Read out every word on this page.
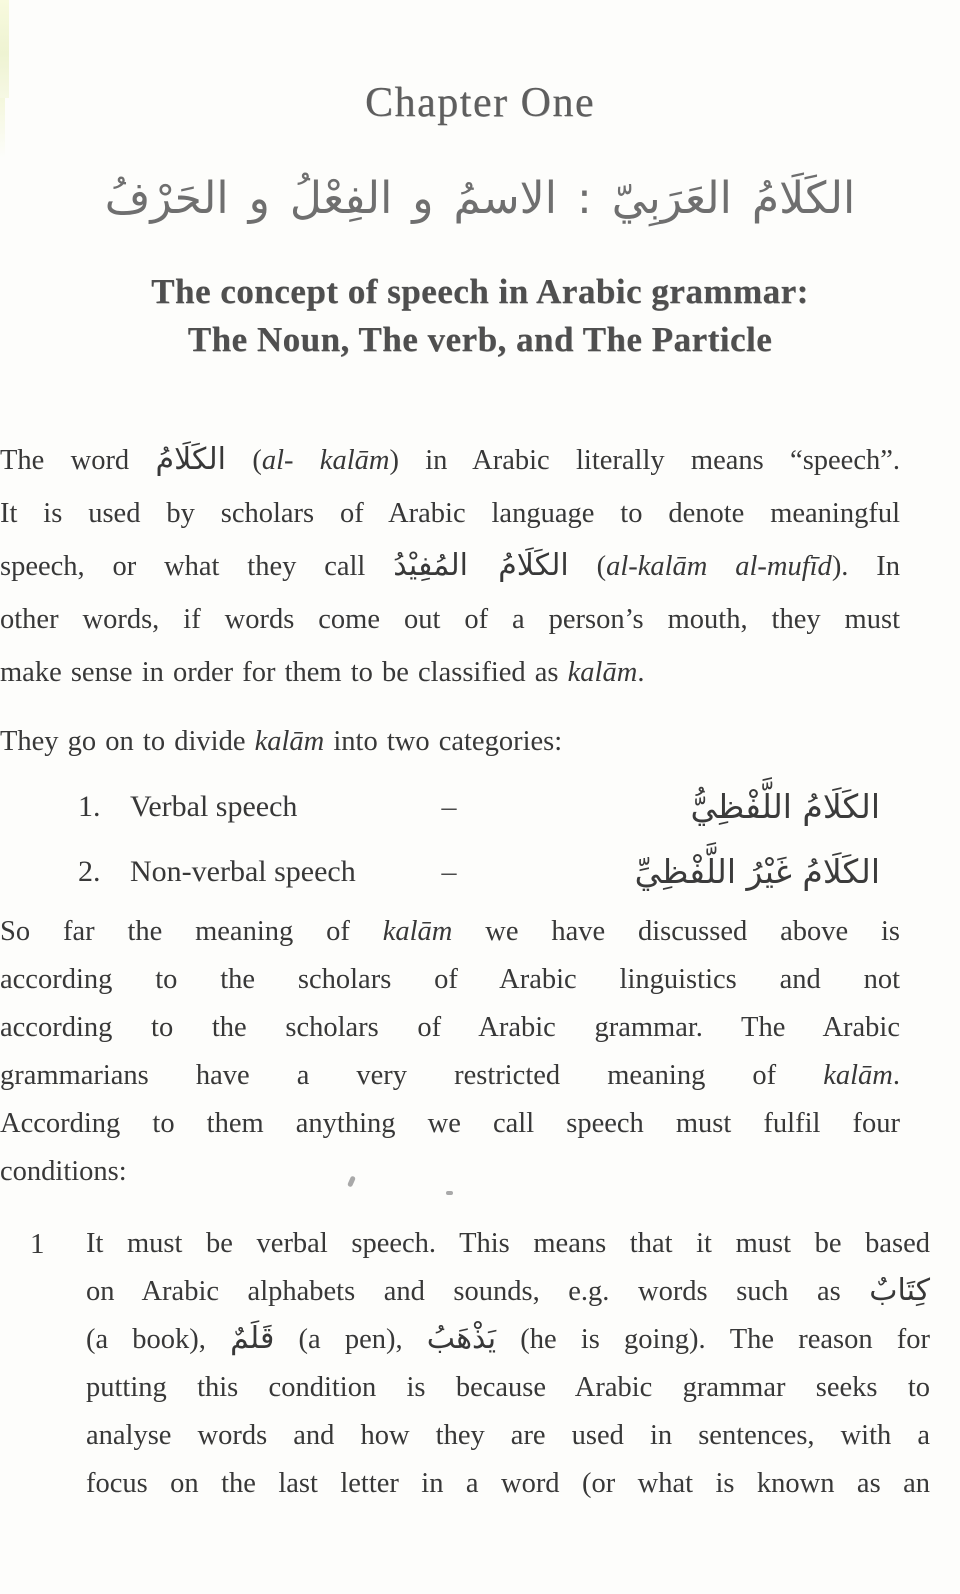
Chapter One
الكَلَامُ العَرَبِيّ : الاسمُ و الفِعْلُ و الحَرْفُ
The concept of speech in Arabic grammar:
The Noun, The verb, and The Particle
The word الكَلَامُ (al- kalām) in Arabic literally means “speech”.
It is used by scholars of Arabic language to denote meaningful
speech, or what they call الكَلَامُ المُفِيْدُ (al-kalām al-mufīd). In
other words, if words come out of a person’s mouth, they must
make sense in order for them to be classified as kalām.
They go on to divide kalām into two categories:
1. Verbal speech	–	الكَلَامُ اللَّفْظِيُّ
2. Non-verbal speech	–	الكَلَامُ غَيْرُ اللَّفْظِيِّ
So far the meaning of kalām we have discussed above is
according to the scholars of Arabic linguistics and not
according to the scholars of Arabic grammar. The Arabic
grammarians have a very restricted meaning of kalām.
According to them anything we call speech must fulfil four
conditions:
1	It must be verbal speech. This means that it must be based
on Arabic alphabets and sounds, e.g. words such as كِتَابٌ
(a book), قَلَمٌ (a pen), يَذْهَبُ (he is going). The reason for
putting this condition is because Arabic grammar seeks to
analyse words and how they are used in sentences, with a
focus on the last letter in a word (or what is known as an
